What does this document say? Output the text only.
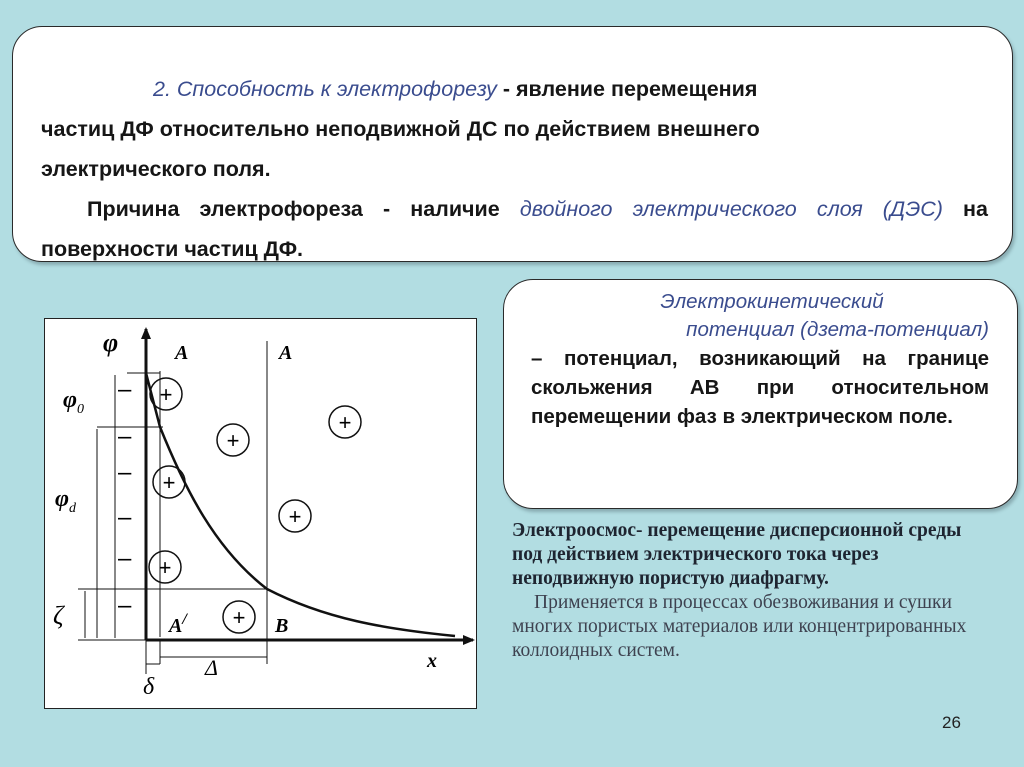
2. Способность к электрофорезу - явление перемещения
частиц ДФ относительно неподвижной ДС по действием внешнего
электрического поля.
Причина электрофореза - наличие двойного электрического слоя (ДЭС) на поверхности частиц ДФ.
Электрокинетический
потенциал (дзета-потенциал)
– потенциал, возникающий на границе скольжения АВ при относительном перемещении фаз в электрическом поле.
–
–
–
–
–
–
+
+
+
+
+
+
+
φ
x
$\varphi_0$
$\varphi_d$
ζ
δ
Δ
A	A
A/	B
Электроосмос- перемещение дисперсионной среды под действием электрического тока через неподвижную пористую диафрагму.
Применяется в процессах обезвоживания и сушки многих пористых материалов или концентрированных коллоидных систем.
26
